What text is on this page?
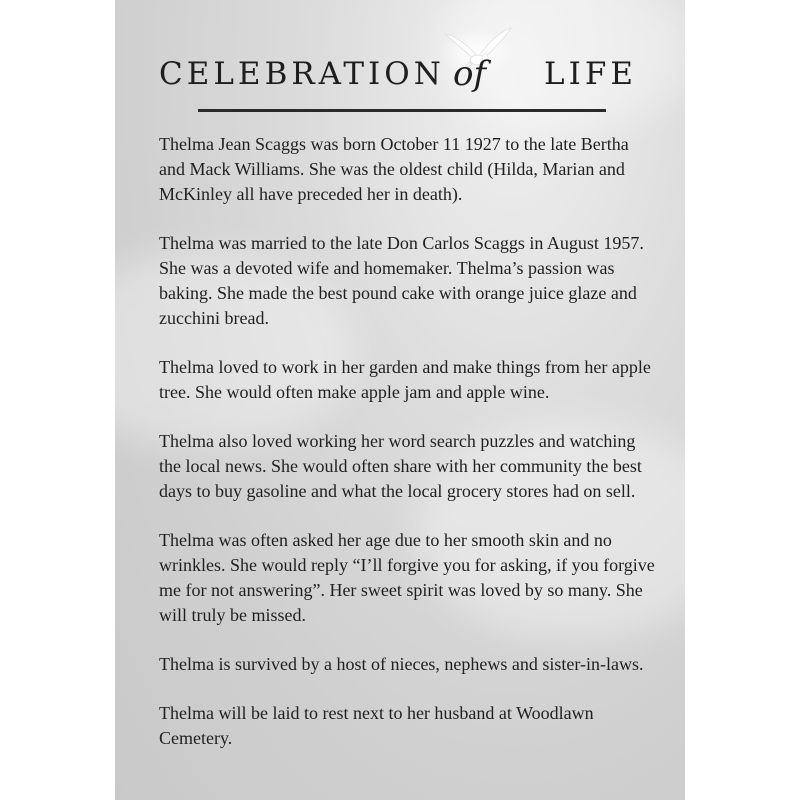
CELEBRATION of LIFE

Thelma Jean Scaggs was born October 11 1927 to the late Bertha and Mack Williams. She was the oldest child (Hilda, Marian and McKinley all have preceded her in death).

Thelma was married to the late Don Carlos Scaggs in August 1957. She was a devoted wife and homemaker. Thelma’s passion was baking. She made the best pound cake with orange juice glaze and zucchini bread.

Thelma loved to work in her garden and make things from her apple tree. She would often make apple jam and apple wine.

Thelma also loved working her word search puzzles and watching the local news. She would often share with her community the best days to buy gasoline and what the local grocery stores had on sell.

Thelma was often asked her age due to her smooth skin and no wrinkles. She would reply “I’ll forgive you for asking, if you forgive me for not answering”. Her sweet spirit was loved by so many. She will truly be missed.

Thelma is survived by a host of nieces, nephews and sister-in-laws.

Thelma will be laid to rest next to her husband at Woodlawn Cemetery.
